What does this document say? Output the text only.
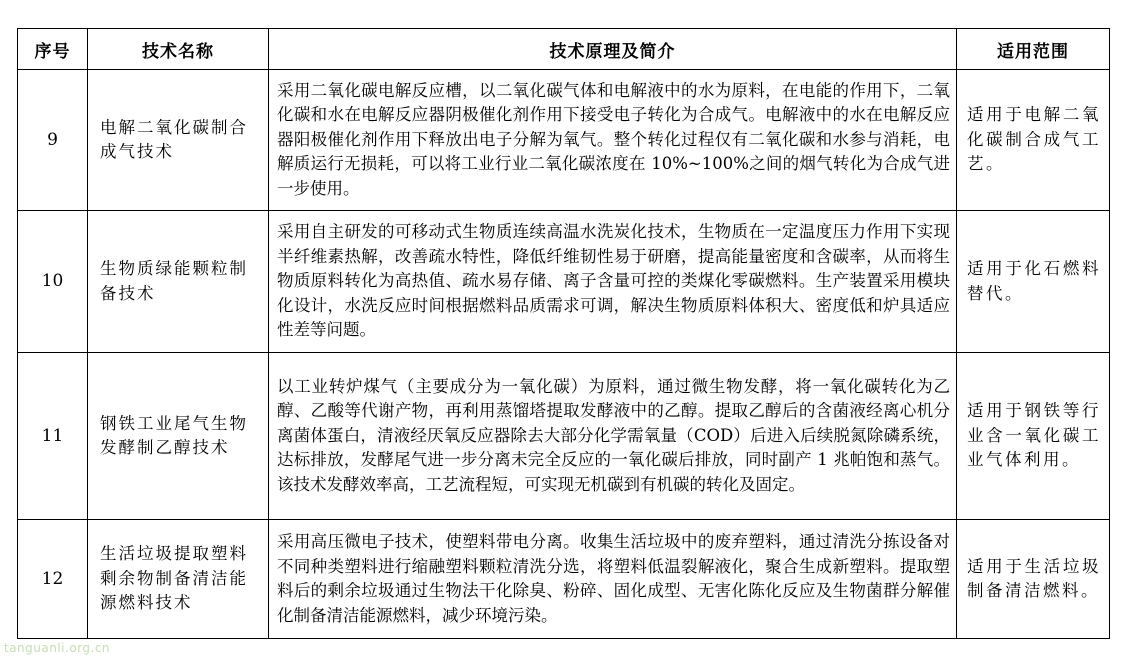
序号	技术名称	技术原理及简介	适用范围
9	电解二氧化碳制合成气技术	采用二氧化碳电解反应槽，以二氧化碳气体和电解液中的水为原料，在电能的作用下，二氧化碳和水在电解反应器阴极催化剂作用下接受电子转化为合成气。电解液中的水在电解反应器阳极催化剂作用下释放出电子分解为氧气。整个转化过程仅有二氧化碳和水参与消耗，电解质运行无损耗，可以将工业行业二氧化碳浓度在 10%~100%之间的烟气转化为合成气进一步使用。	适用于电解二氧化碳制合成气工艺。
10	生物质绿能颗粒制备技术	采用自主研发的可移动式生物质连续高温水洗炭化技术，生物质在一定温度压力作用下实现半纤维素热解，改善疏水特性，降低纤维韧性易于研磨，提高能量密度和含碳率，从而将生物质原料转化为高热值、疏水易存储、离子含量可控的类煤化零碳燃料。生产装置采用模块化设计，水洗反应时间根据燃料品质需求可调，解决生物质原料体积大、密度低和炉具适应性差等问题。	适用于化石燃料替代。
11	钢铁工业尾气生物发酵制乙醇技术	以工业转炉煤气（主要成分为一氧化碳）为原料，通过微生物发酵，将一氧化碳转化为乙醇、乙酸等代谢产物，再利用蒸馏塔提取发酵液中的乙醇。提取乙醇后的含菌液经离心机分离菌体蛋白，清液经厌氧反应器除去大部分化学需氧量（COD）后进入后续脱氮除磷系统，达标排放，发酵尾气进一步分离未完全反应的一氧化碳后排放，同时副产 1 兆帕饱和蒸气。该技术发酵效率高，工艺流程短，可实现无机碳到有机碳的转化及固定。	适用于钢铁等行业含一氧化碳工业气体利用。
12	生活垃圾提取塑料剩余物制备清洁能源燃料技术	采用高压微电子技术，使塑料带电分离。收集生活垃圾中的废弃塑料，通过清洗分拣设备对不同种类塑料进行缩融塑料颗粒清洗分选，将塑料低温裂解液化，聚合生成新塑料。提取塑料后的剩余垃圾通过生物法干化除臭、粉碎、固化成型、无害化陈化反应及生物菌群分解催化制备清洁能源燃料，减少环境污染。	适用于生活垃圾制备清洁燃料。
tanguanli.org.cn
